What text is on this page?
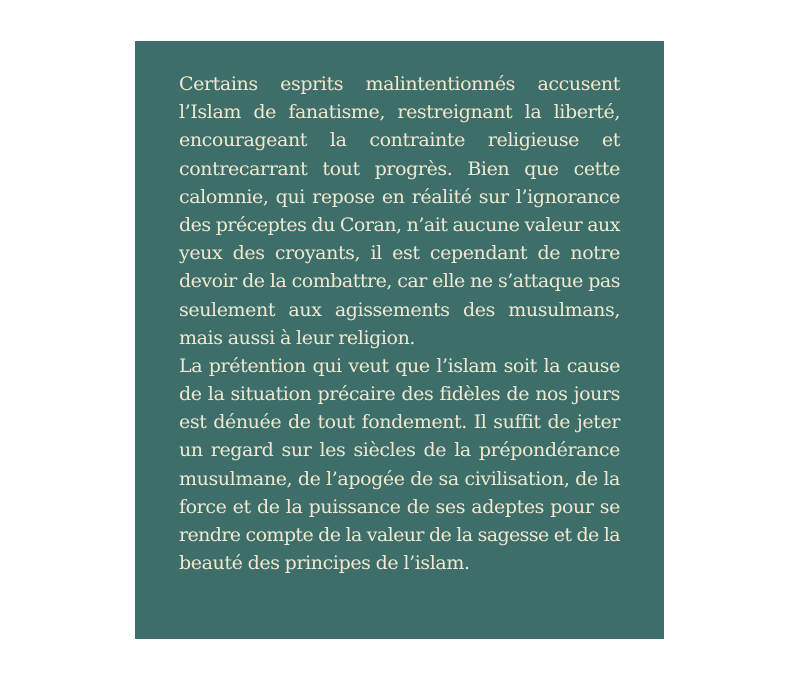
Certains esprits malintentionnés accusent
l’Islam de fanatisme, restreignant la liberté,
encourageant la contrainte religieuse et
contrecarrant tout progrès. Bien que cette
calomnie, qui repose en réalité sur l’ignorance
des préceptes du Coran, n’ait aucune valeur aux
yeux des croyants, il est cependant de notre
devoir de la combattre, car elle ne s’attaque pas
seulement aux agissements des musulmans,
mais aussi à leur religion.
La prétention qui veut que l’islam soit la cause
de la situation précaire des fidèles de nos jours
est dénuée de tout fondement. Il suffit de jeter
un regard sur les siècles de la prépondérance
musulmane, de l’apogée de sa civilisation, de la
force et de la puissance de ses adeptes pour se
rendre compte de la valeur de la sagesse et de la
beauté des principes de l’islam.
